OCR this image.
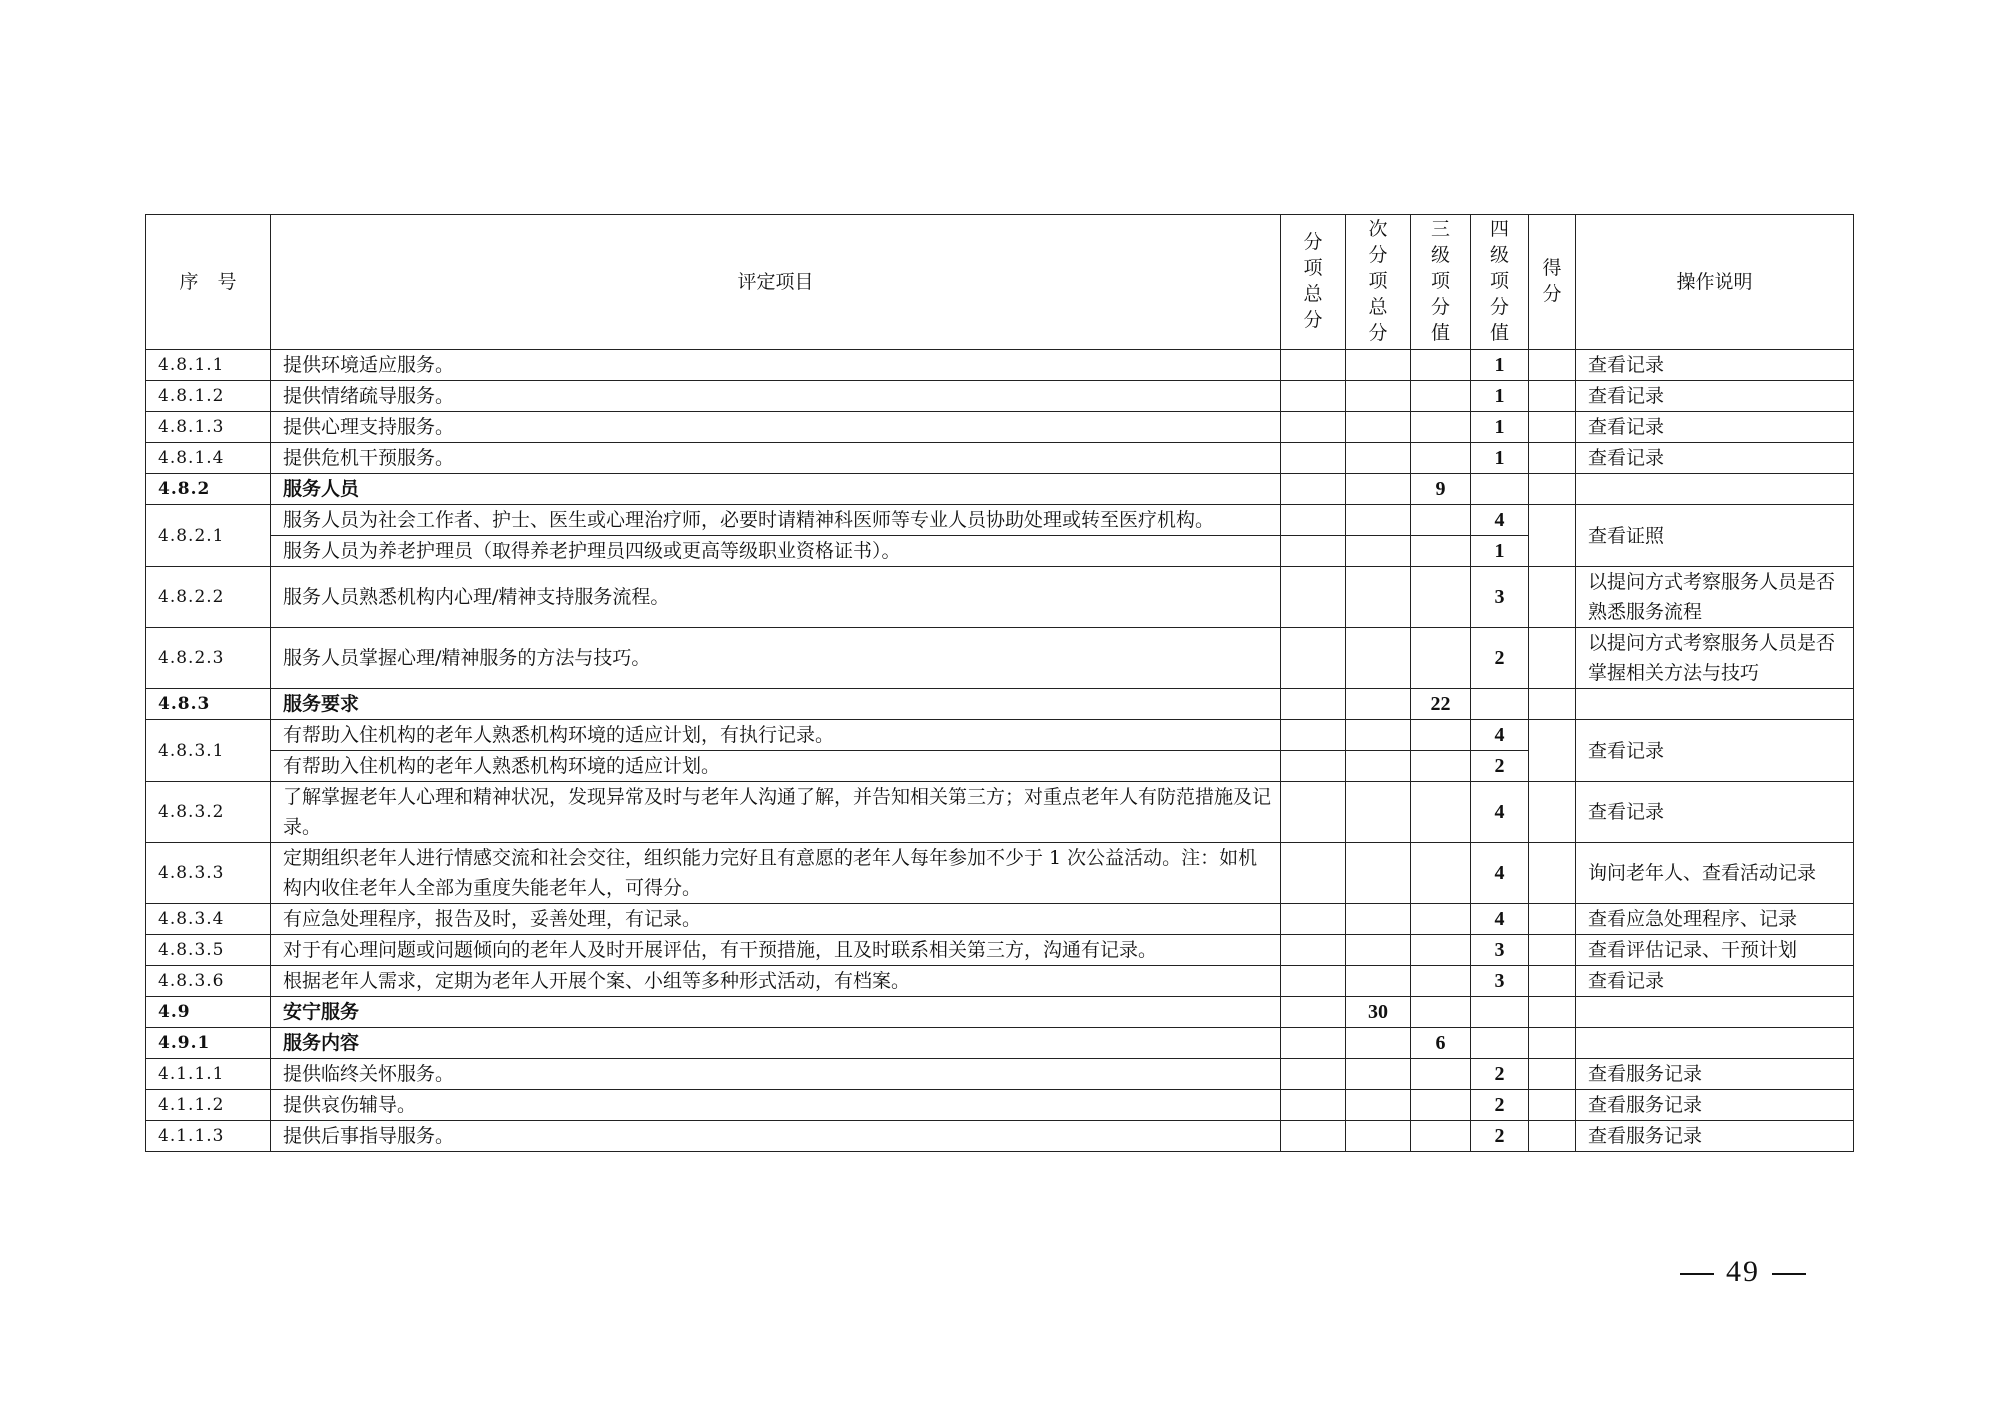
序　号	评定项目	分项总分	次分项总分	三级项分值	四级项分值	得分	操作说明
4.8.1.1	提供环境适应服务。				1		查看记录
4.8.1.2	提供情绪疏导服务。				1		查看记录
4.8.1.3	提供心理支持服务。				1		查看记录
4.8.1.4	提供危机干预服务。				1		查看记录
4.8.2	服务人员			9			
4.8.2.1	服务人员为社会工作者、护士、医生或心理治疗师，必要时请精神科医师等专业人员协助处理或转至医疗机构。				4		查看证照
	服务人员为养老护理员（取得养老护理员四级或更高等级职业资格证书）。				1		
4.8.2.2	服务人员熟悉机构内心理/精神支持服务流程。				3		以提问方式考察服务人员是否熟悉服务流程
4.8.2.3	服务人员掌握心理/精神服务的方法与技巧。				2		以提问方式考察服务人员是否掌握相关方法与技巧
4.8.3	服务要求			22			
4.8.3.1	有帮助入住机构的老年人熟悉机构环境的适应计划，有执行记录。				4		查看记录
	有帮助入住机构的老年人熟悉机构环境的适应计划。				2		
4.8.3.2	了解掌握老年人心理和精神状况，发现异常及时与老年人沟通了解，并告知相关第三方；对重点老年人有防范措施及记录。				4		查看记录
4.8.3.3	定期组织老年人进行情感交流和社会交往，组织能力完好且有意愿的老年人每年参加不少于 1 次公益活动。注：如机构内收住老年人全部为重度失能老年人，可得分。				4		询问老年人、查看活动记录
4.8.3.4	有应急处理程序，报告及时，妥善处理，有记录。				4		查看应急处理程序、记录
4.8.3.5	对于有心理问题或问题倾向的老年人及时开展评估，有干预措施，且及时联系相关第三方，沟通有记录。				3		查看评估记录、干预计划
4.8.3.6	根据老年人需求，定期为老年人开展个案、小组等多种形式活动，有档案。				3		查看记录
4.9	安宁服务		30				
4.9.1	服务内容			6			
4.1.1.1	提供临终关怀服务。				2		查看服务记录
4.1.1.2	提供哀伤辅导。				2		查看服务记录
4.1.1.3	提供后事指导服务。				2		查看服务记录
49
